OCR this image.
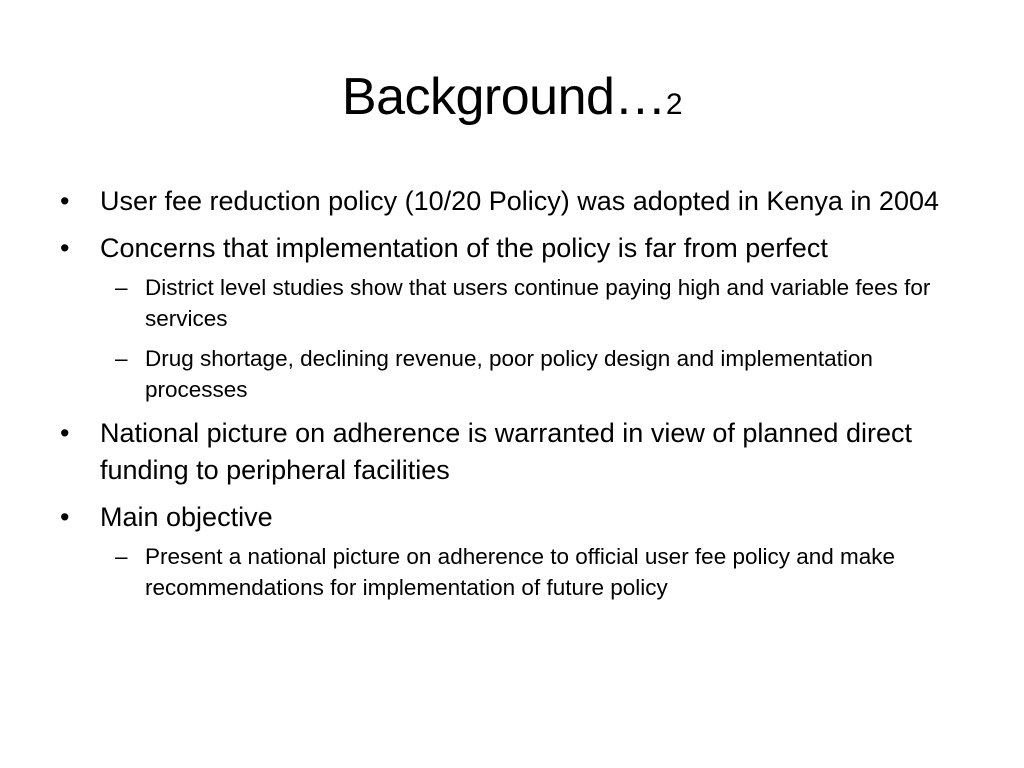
Background…2
•	User fee reduction policy (10/20 Policy) was adopted in Kenya in 2004
•	Concerns that implementation of the policy is far from perfect
– District level studies show that users continue paying high and variable fees for services
– Drug shortage, declining revenue, poor policy design and implementation processes
•	National picture on adherence is warranted in view of planned direct funding to peripheral facilities
•	Main objective
– Present a national picture on adherence to official user fee policy and make recommendations for implementation of future policy
